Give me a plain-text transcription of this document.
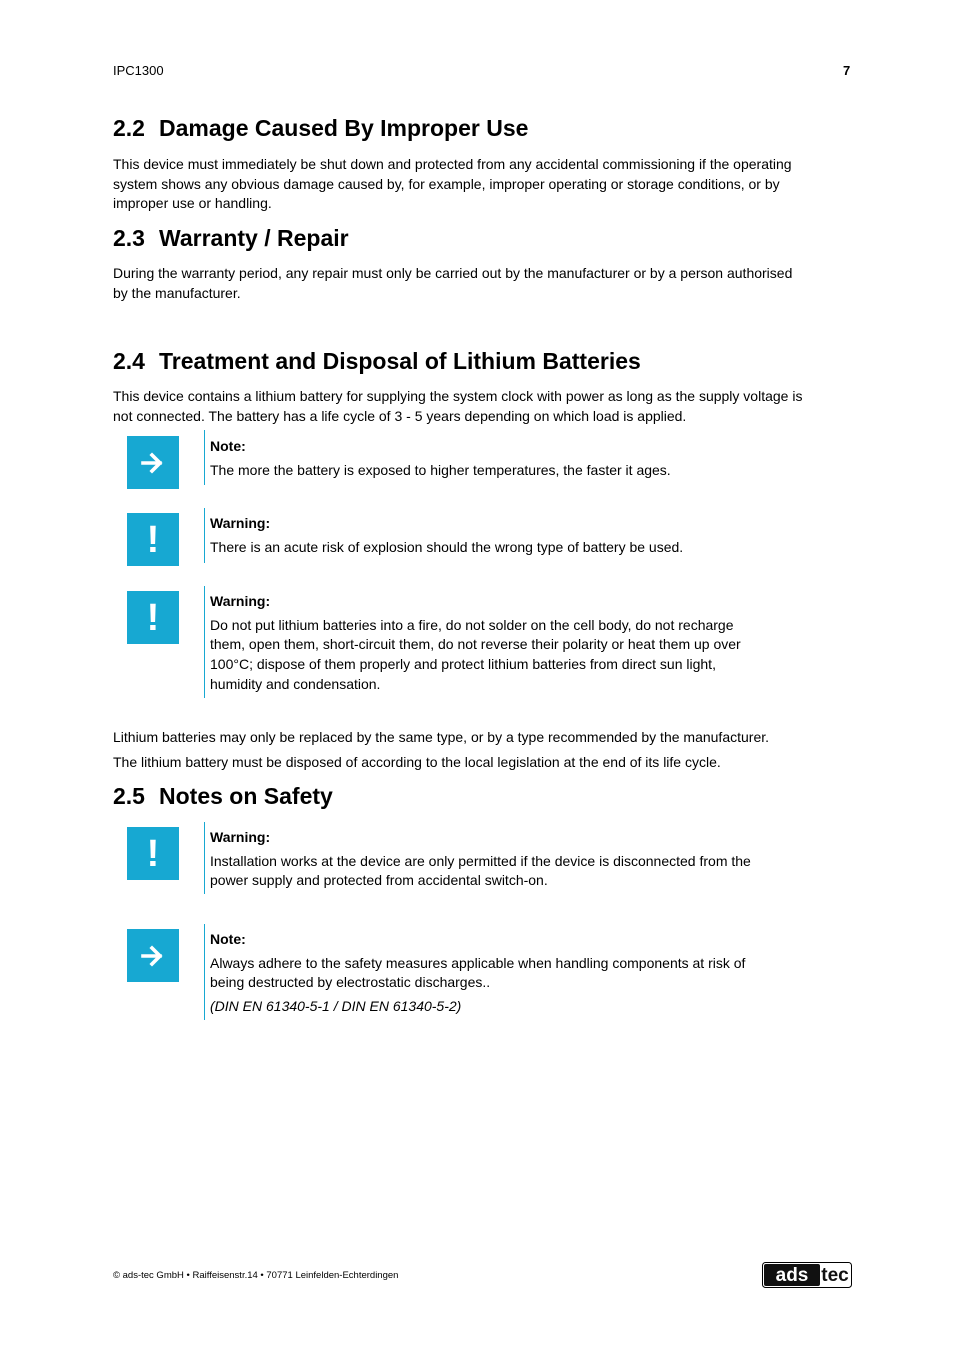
IPC1300	7
2.2 Damage Caused By Improper Use
This device must immediately be shut down and protected from any accidental commissioning if the operating
system shows any obvious damage caused by, for example, improper operating or storage conditions, or by
improper use or handling.
2.3 Warranty / Repair
During the warranty period, any repair must only be carried out by the manufacturer or by a person authorised
by the manufacturer.
2.4 Treatment and Disposal of Lithium Batteries
This device contains a lithium battery for supplying the system clock with power as long as the supply voltage is
not connected. The battery has a life cycle of 3 - 5 years depending on which load is applied.
Note:
The more the battery is exposed to higher temperatures, the faster it ages.
!	Warning:
There is an acute risk of explosion should the wrong type of battery be used.
!	Warning:
Do not put lithium batteries into a fire, do not solder on the cell body, do not recharge
them, open them, short-circuit them, do not reverse their polarity or heat them up over
100°C; dispose of them properly and protect lithium batteries from direct sun light,
humidity and condensation.
Lithium batteries may only be replaced by the same type, or by a type recommended by the manufacturer.
The lithium battery must be disposed of according to the local legislation at the end of its life cycle.
2.5 Notes on Safety
!	Warning:
Installation works at the device are only permitted if the device is disconnected from the
power supply and protected from accidental switch-on.
Note:
Always adhere to the safety measures applicable when handling components at risk of
being destructed by electrostatic discharges..
(DIN EN 61340-5-1 / DIN EN 61340-5-2)
© ads-tec GmbH • Raiffeisenstr.14 • 70771 Leinfelden-Echterdingen	ads tec
